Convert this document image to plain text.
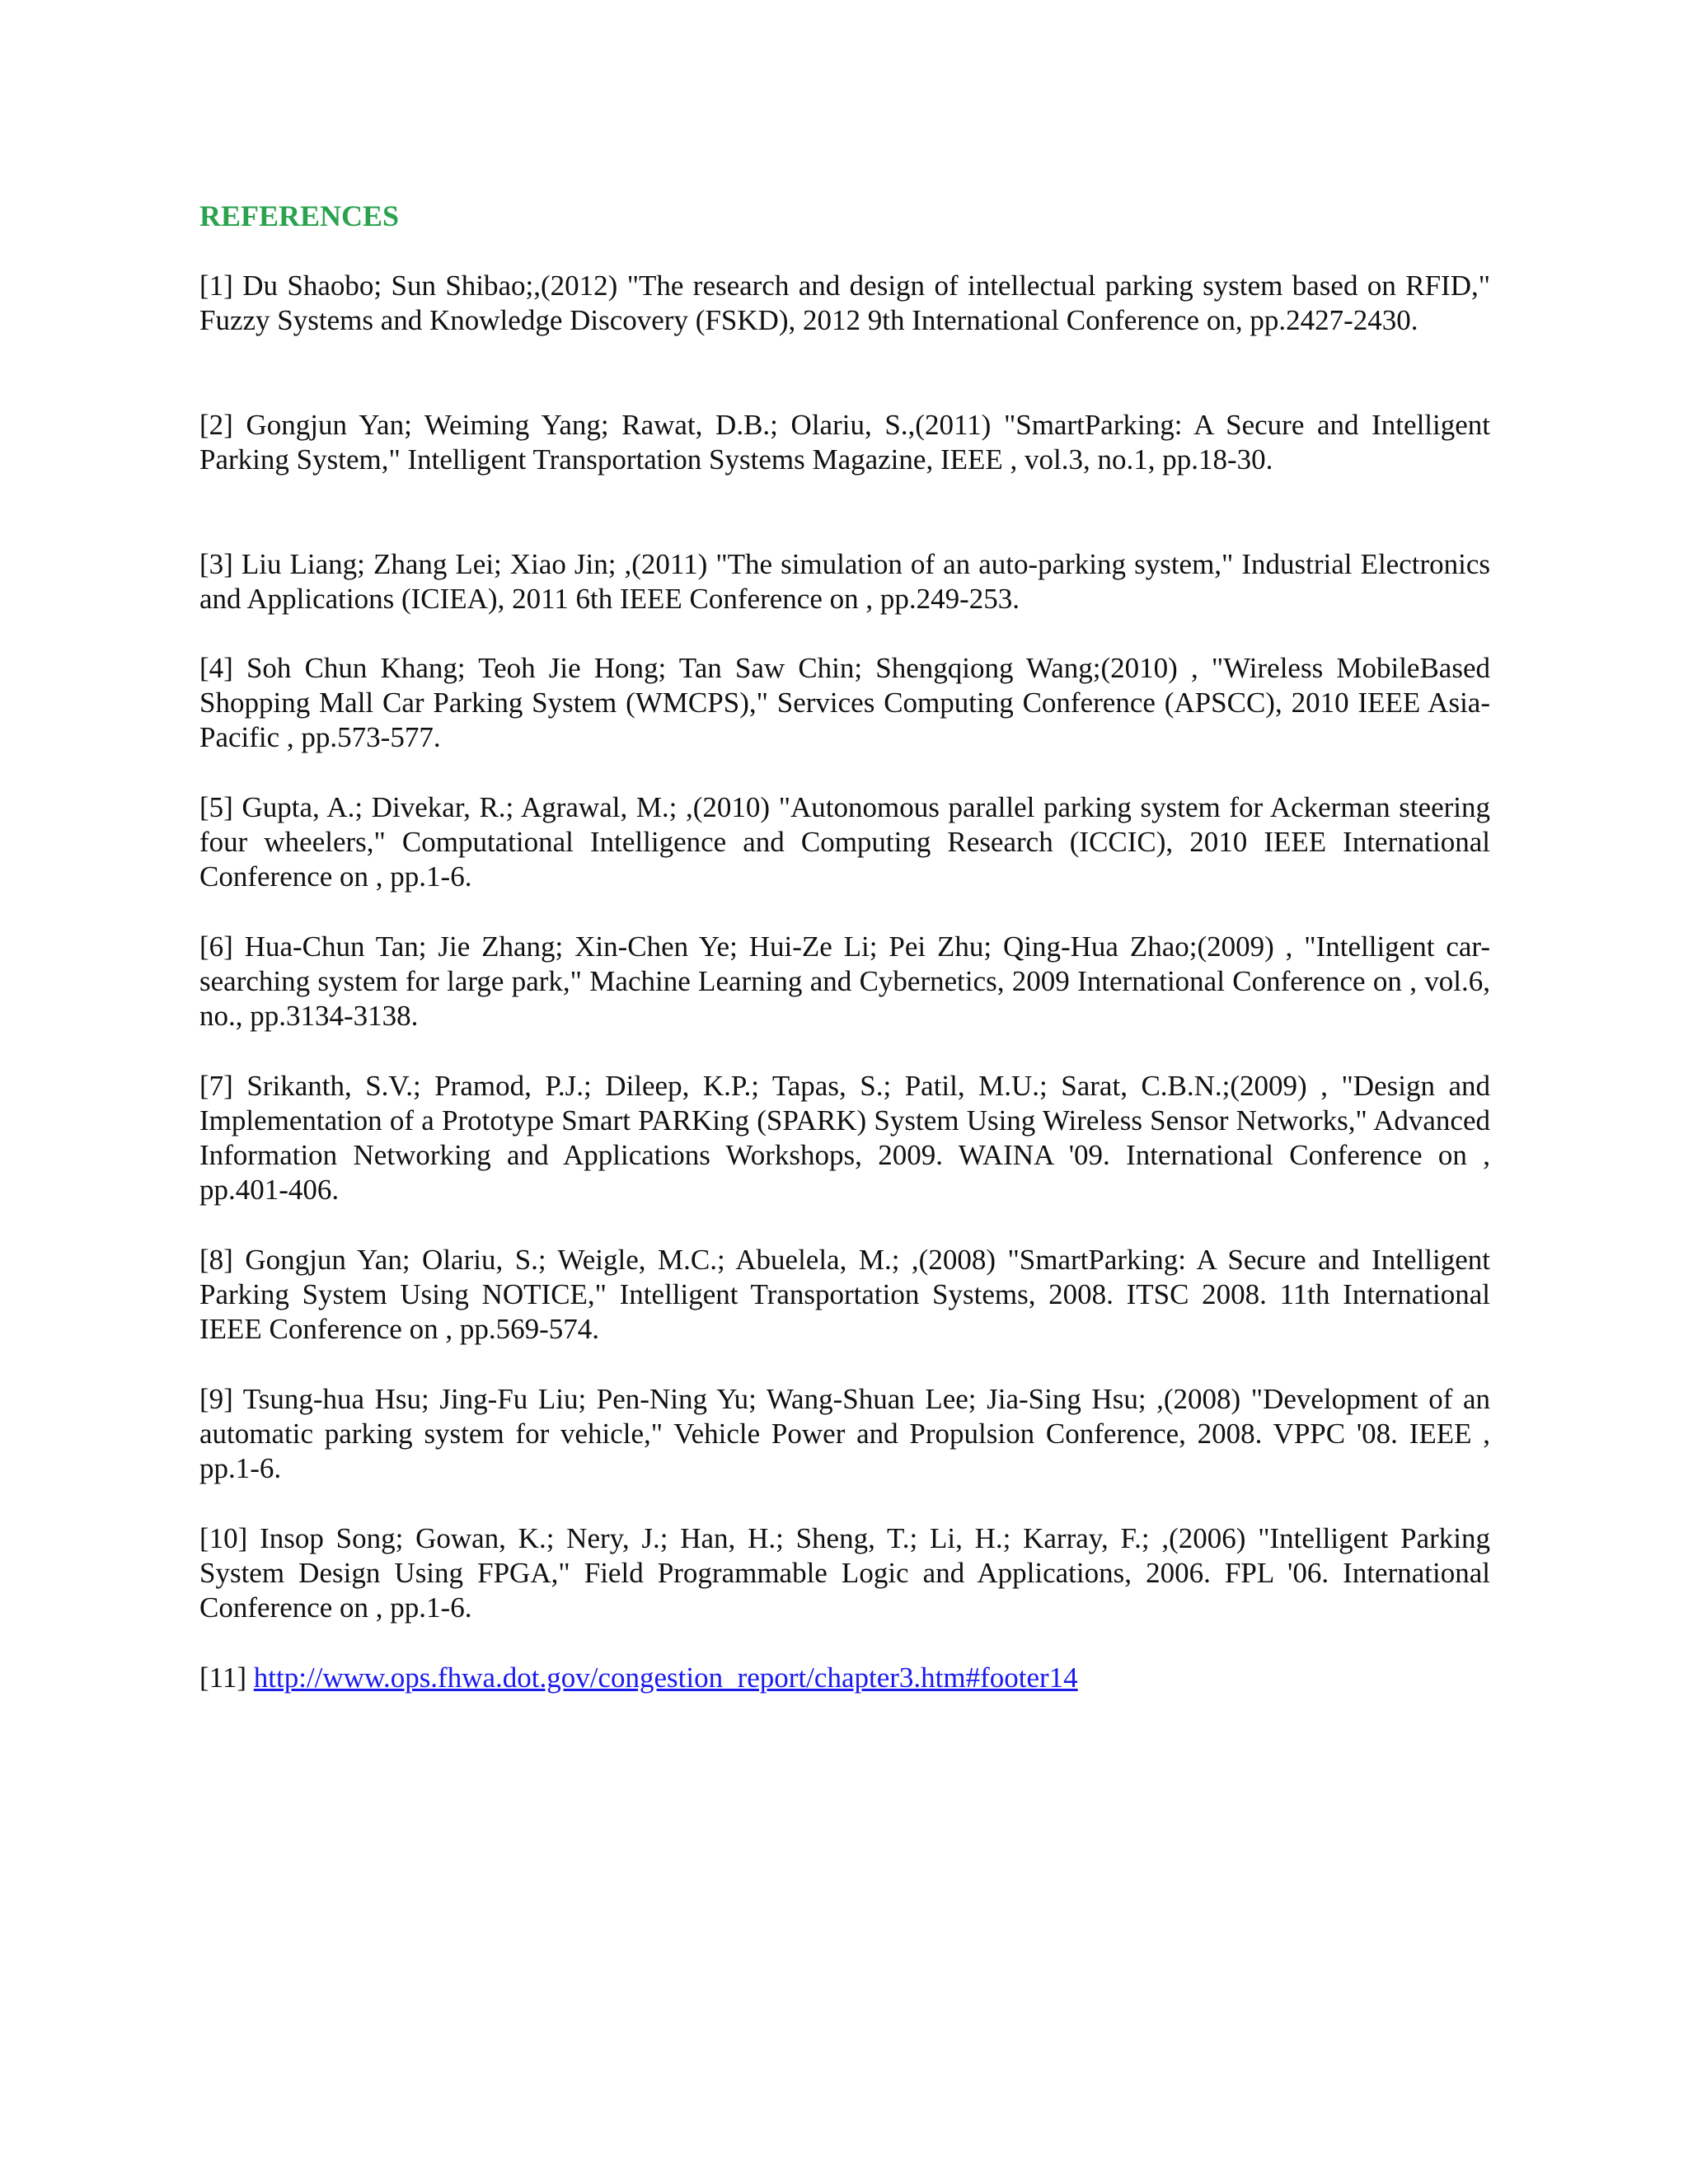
REFERENCES

[1] Du Shaobo; Sun Shibao;,(2012) "The research and design of intellectual parking system based on RFID," Fuzzy Systems and Knowledge Discovery (FSKD), 2012 9th International Conference on, pp.2427-2430.

[2] Gongjun Yan; Weiming Yang; Rawat, D.B.; Olariu, S.,(2011) "SmartParking: A Secure and Intelligent Parking System," Intelligent Transportation Systems Magazine, IEEE , vol.3, no.1, pp.18-30.

[3] Liu Liang; Zhang Lei; Xiao Jin; ,(2011) "The simulation of an auto-parking system," Industrial Electronics and Applications (ICIEA), 2011 6th IEEE Conference on , pp.249-253.

[4] Soh Chun Khang; Teoh Jie Hong; Tan Saw Chin; Shengqiong Wang;(2010) , "Wireless MobileBased Shopping Mall Car Parking System (WMCPS)," Services Computing Conference (APSCC), 2010 IEEE Asia-Pacific , pp.573-577.

[5] Gupta, A.; Divekar, R.; Agrawal, M.; ,(2010) "Autonomous parallel parking system for Ackerman steering four wheelers," Computational Intelligence and Computing Research (ICCIC), 2010 IEEE International Conference on , pp.1-6.

[6] Hua-Chun Tan; Jie Zhang; Xin-Chen Ye; Hui-Ze Li; Pei Zhu; Qing-Hua Zhao;(2009) , "Intelligent car-searching system for large park," Machine Learning and Cybernetics, 2009 International Conference on , vol.6, no., pp.3134-3138.

[7] Srikanth, S.V.; Pramod, P.J.; Dileep, K.P.; Tapas, S.; Patil, M.U.; Sarat, C.B.N.;(2009) , "Design and Implementation of a Prototype Smart PARKing (SPARK) System Using Wireless Sensor Networks," Advanced Information Networking and Applications Workshops, 2009. WAINA '09. International Conference on , pp.401-406.

[8] Gongjun Yan; Olariu, S.; Weigle, M.C.; Abuelela, M.; ,(2008) "SmartParking: A Secure and Intelligent Parking System Using NOTICE," Intelligent Transportation Systems, 2008. ITSC 2008. 11th International IEEE Conference on , pp.569-574.

[9] Tsung-hua Hsu; Jing-Fu Liu; Pen-Ning Yu; Wang-Shuan Lee; Jia-Sing Hsu; ,(2008) "Development of an automatic parking system for vehicle," Vehicle Power and Propulsion Conference, 2008. VPPC '08. IEEE , pp.1-6.

[10] Insop Song; Gowan, K.; Nery, J.; Han, H.; Sheng, T.; Li, H.; Karray, F.; ,(2006) "Intelligent Parking System Design Using FPGA," Field Programmable Logic and Applications, 2006. FPL '06. International Conference on , pp.1-6.

[11] http://www.ops.fhwa.dot.gov/congestion_report/chapter3.htm#footer14
